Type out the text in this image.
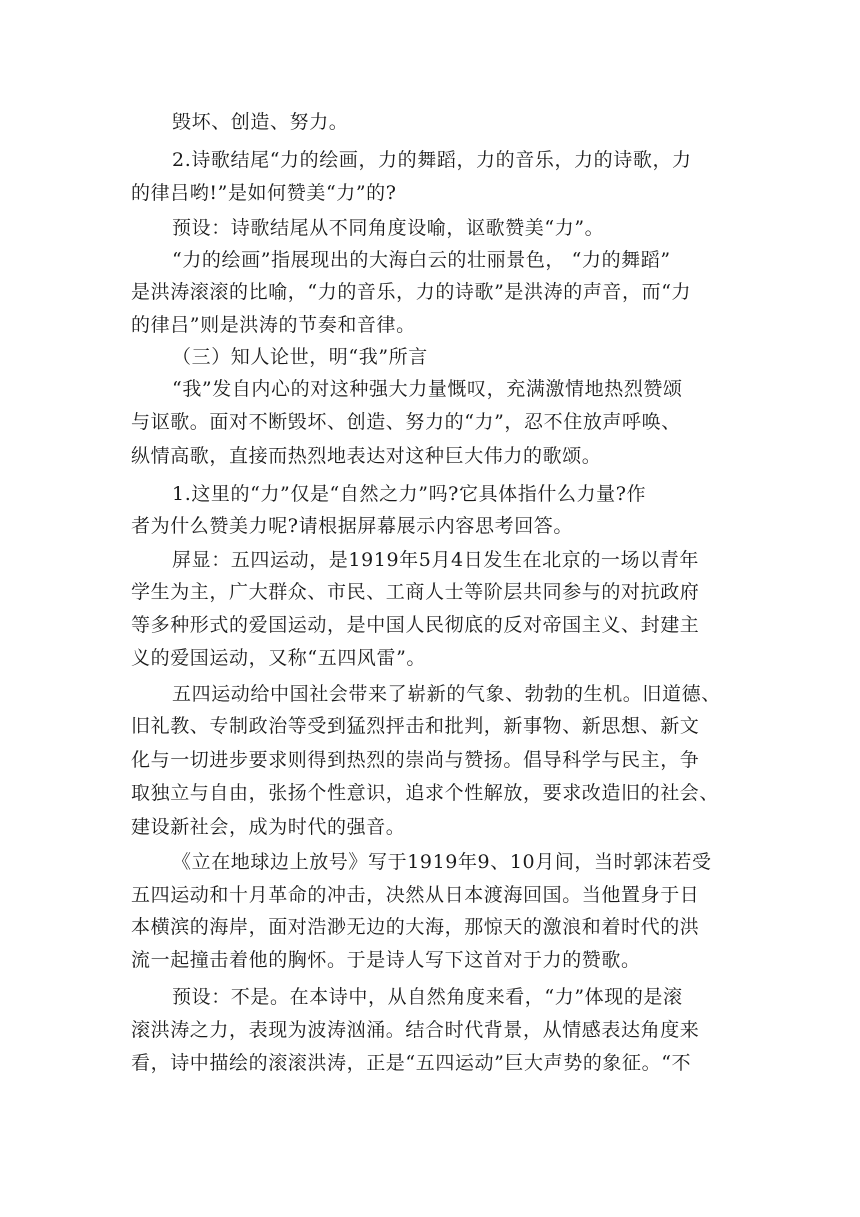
毁坏、创造、努力。
2.诗歌结尾“力的绘画，力的舞蹈，力的音乐，力的诗歌，力
的律吕哟!”是如何赞美“力”的?
预设：诗歌结尾从不同角度设喻，讴歌赞美“力”。
“力的绘画”指展现出的大海白云的壮丽景色， “力的舞蹈”
是洪涛滚滚的比喻，“力的音乐，力的诗歌”是洪涛的声音，而“力
的律吕”则是洪涛的节奏和音律。
（三）知人论世，明“我”所言
“我”发自内心的对这种强大力量慨叹，充满激情地热烈赞颂
与讴歌。面对不断毁坏、创造、努力的“力”，忍不住放声呼唤、
纵情高歌，直接而热烈地表达对这种巨大伟力的歌颂。
1.这里的“力”仅是“自然之力”吗?它具体指什么力量?作
者为什么赞美力呢?请根据屏幕展示内容思考回答。
屏显：五四运动，是1919年5月4日发生在北京的一场以青年
学生为主，广大群众、市民、工商人士等阶层共同参与的对抗政府
等多种形式的爱国运动，是中国人民彻底的反对帝国主义、封建主
义的爱国运动，又称“五四风雷”。
五四运动给中国社会带来了崭新的气象、勃勃的生机。旧道德、
旧礼教、专制政治等受到猛烈抨击和批判，新事物、新思想、新文
化与一切进步要求则得到热烈的崇尚与赞扬。倡导科学与民主，争
取独立与自由，张扬个性意识，追求个性解放，要求改造旧的社会、
建设新社会，成为时代的强音。
《立在地球边上放号》写于1919年9、10月间，当时郭沫若受
五四运动和十月革命的冲击，决然从日本渡海回国。当他置身于日
本横滨的海岸，面对浩渺无边的大海，那惊天的激浪和着时代的洪
流一起撞击着他的胸怀。于是诗人写下这首对于力的赞歌。
预设：不是。在本诗中，从自然角度来看，“力”体现的是滚
滚洪涛之力，表现为波涛汹涌。结合时代背景，从情感表达角度来
看，诗中描绘的滚滚洪涛，正是“五四运动”巨大声势的象征。“不
